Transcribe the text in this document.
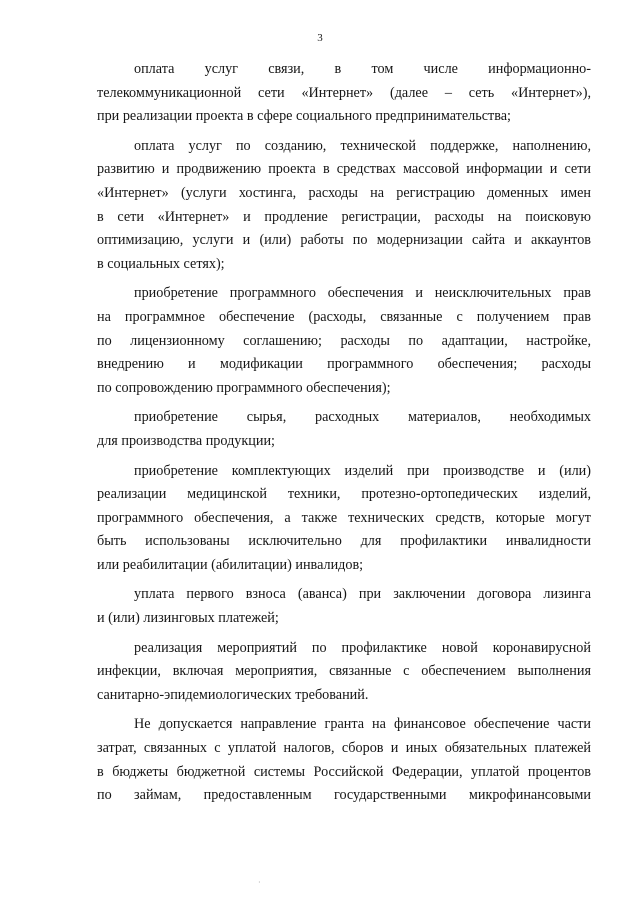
3
оплата услуг связи, в том числе информационно-
телекоммуникационной сети «Интернет» (далее – сеть «Интернет»),
при реализации проекта в сфере социального предпринимательства;
оплата услуг по созданию, технической поддержке, наполнению,
развитию и продвижению проекта в средствах массовой информации и сети
«Интернет» (услуги хостинга, расходы на регистрацию доменных имен
в сети «Интернет» и продление регистрации, расходы на поисковую
оптимизацию, услуги и (или) работы по модернизации сайта и аккаунтов
в социальных сетях);
приобретение программного обеспечения и неисключительных прав
на программное обеспечение (расходы, связанные с получением прав
по лицензионному соглашению; расходы по адаптации, настройке,
внедрению и модификации программного обеспечения; расходы
по сопровождению программного обеспечения);
приобретение сырья, расходных материалов, необходимых
для производства продукции;
приобретение комплектующих изделий при производстве и (или)
реализации медицинской техники, протезно-ортопедических изделий,
программного обеспечения, а также технических средств, которые могут
быть использованы исключительно для профилактики инвалидности
или реабилитации (абилитации) инвалидов;
уплата первого взноса (аванса) при заключении договора лизинга
и (или) лизинговых платежей;
реализация мероприятий по профилактике новой коронавирусной
инфекции, включая мероприятия, связанные с обеспечением выполнения
санитарно-эпидемиологических требований.
Не допускается направление гранта на финансовое обеспечение части
затрат, связанных с уплатой налогов, сборов и иных обязательных платежей
в бюджеты бюджетной системы Российской Федерации, уплатой процентов
по займам, предоставленным государственными микрофинансовыми
·
